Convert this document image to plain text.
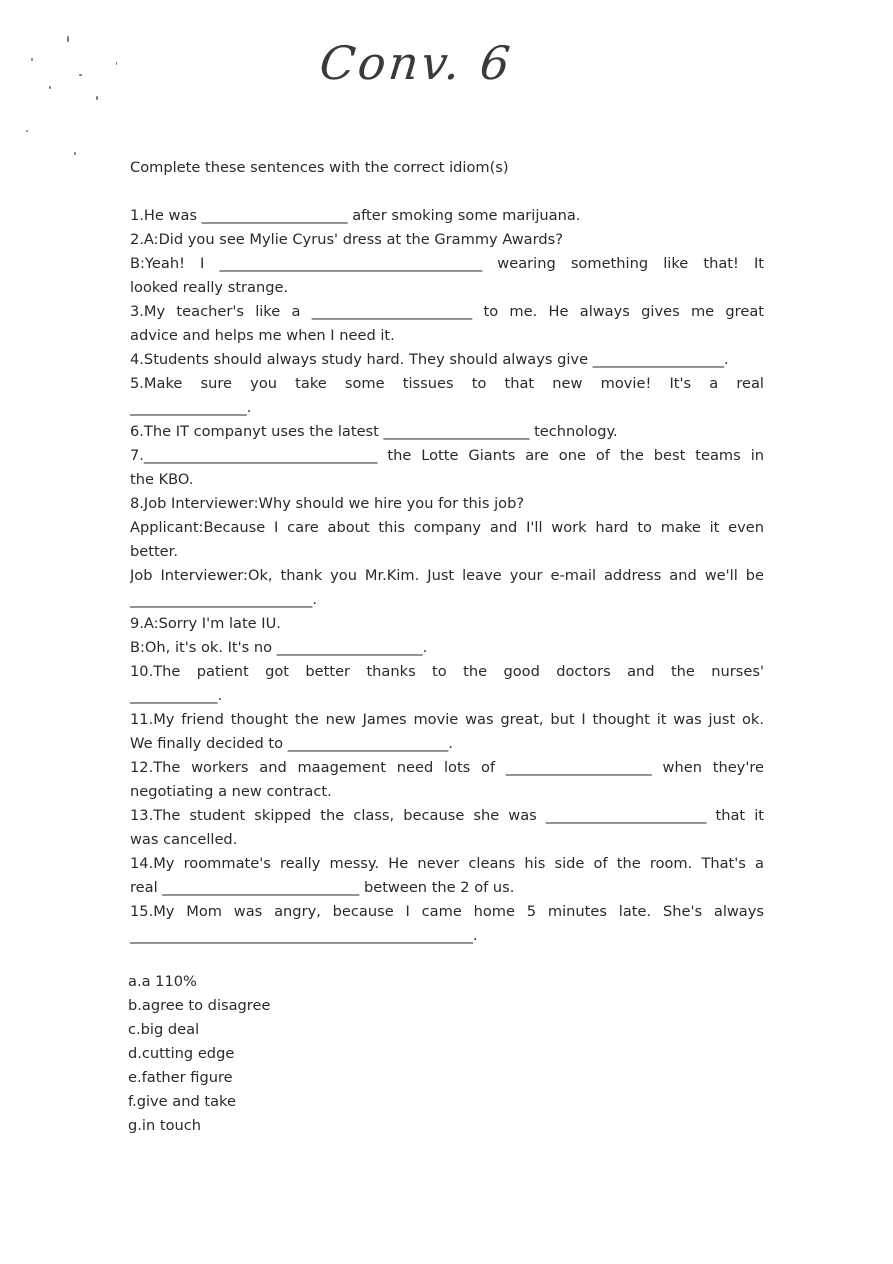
Conv. 6
Complete these sentences with the correct idiom(s)
1.He was ____________________ after smoking some marijuana.
2.A:Did you see Mylie Cyrus' dress at the Grammy Awards?
B:Yeah! I ____________________________________ wearing something like that! It
looked really strange.
3.My teacher's like a ______________________ to me. He always gives me great
advice and helps me when I need it.
4.Students should always study hard. They should always give __________________.
5.Make sure you take some tissues to that new movie! It's a real
________________.
6.The IT companyt uses the latest ____________________ technology.
7.________________________________ the Lotte Giants are one of the best teams in
the KBO.
8.Job Interviewer:Why should we hire you for this job?
Applicant:Because I care about this company and I'll work hard to make it even
better.
Job Interviewer:Ok, thank you Mr.Kim. Just leave your e-mail address and we'll be
_________________________.
9.A:Sorry I'm late IU.
B:Oh, it's ok. It's no ____________________.
10.The patient got better thanks to the good doctors and the nurses'
____________.
11.My friend thought the new James movie was great, but I thought it was just ok.
We finally decided to ______________________.
12.The workers and maagement need lots of ____________________ when they're
negotiating a new contract.
13.The student skipped the class, because she was ______________________ that it
was cancelled.
14.My roommate's really messy. He never cleans his side of the room. That's a
real ___________________________ between the 2 of us.
15.My Mom was angry, because I came home 5 minutes late. She's always
_______________________________________________.
a.a 110%
b.agree to disagree
c.big deal
d.cutting edge
e.father figure
f.give and take
g.in touch
